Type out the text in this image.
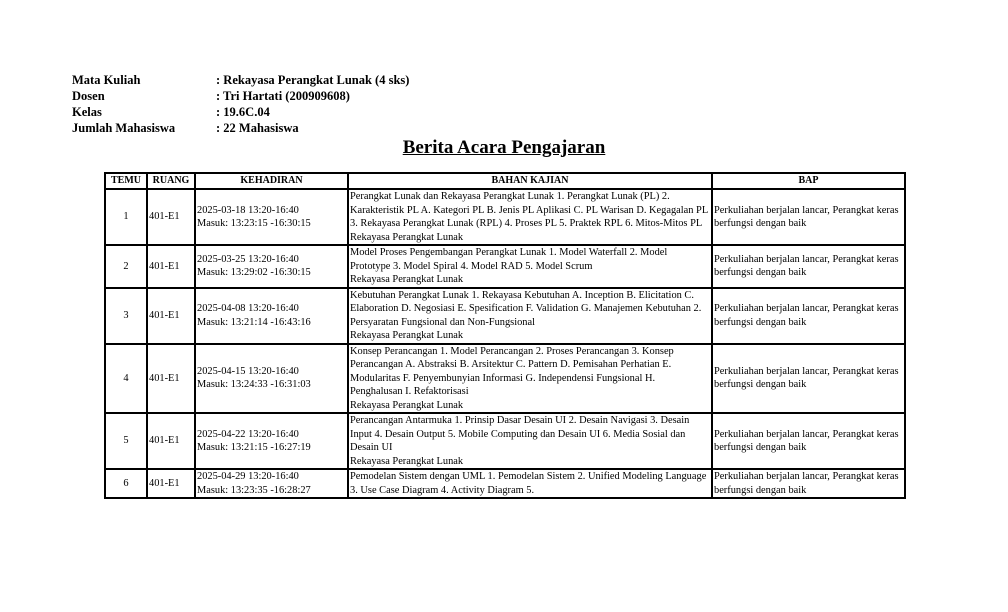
Mata Kuliah	: Rekayasa Perangkat Lunak (4 sks)
Dosen	: Tri Hartati (200909608)
Kelas	: 19.6C.04
Jumlah Mahasiswa	: 22 Mahasiswa
Berita Acara Pengajaran
TEMU	RUANG	KEHADIRAN	BAHAN KAJIAN	BAP
1	401-E1	2025-03-18 13:20-16:40
Masuk: 13:23:15 -16:30:15	Perangkat Lunak dan Rekayasa Perangkat Lunak 1. Perangkat Lunak (PL) 2. Karakteristik PL A. Kategori PL B. Jenis PL Aplikasi C. PL Warisan D. Kegagalan PL 3. Rekayasa Perangkat Lunak (RPL) 4. Proses PL 5. Praktek RPL 6. Mitos-Mitos PL
Rekayasa Perangkat Lunak	Perkuliahan berjalan lancar, Perangkat keras berfungsi dengan baik
2	401-E1	2025-03-25 13:20-16:40
Masuk: 13:29:02 -16:30:15	Model Proses Pengembangan Perangkat Lunak 1. Model Waterfall 2. Model Prototype 3. Model Spiral 4. Model RAD 5. Model Scrum
Rekayasa Perangkat Lunak	Perkuliahan berjalan lancar, Perangkat keras berfungsi dengan baik
3	401-E1	2025-04-08 13:20-16:40
Masuk: 13:21:14 -16:43:16	Kebutuhan Perangkat Lunak 1. Rekayasa Kebutuhan A. Inception B. Elicitation C. Elaboration D. Negosiasi E. Spesification F. Validation G. Manajemen Kebutuhan 2. Persyaratan Fungsional dan Non-Fungsional
Rekayasa Perangkat Lunak	Perkuliahan berjalan lancar, Perangkat keras berfungsi dengan baik
4	401-E1	2025-04-15 13:20-16:40
Masuk: 13:24:33 -16:31:03	Konsep Perancangan 1. Model Perancangan 2. Proses Perancangan 3. Konsep Perancangan A. Abstraksi B. Arsitektur C. Pattern D. Pemisahan Perhatian E. Modularitas F. Penyembunyian Informasi G. Independensi Fungsional H. Penghalusan I. Refaktorisasi
Rekayasa Perangkat Lunak	Perkuliahan berjalan lancar, Perangkat keras berfungsi dengan baik
5	401-E1	2025-04-22 13:20-16:40
Masuk: 13:21:15 -16:27:19	Perancangan Antarmuka 1. Prinsip Dasar Desain UI 2. Desain Navigasi 3. Desain Input 4. Desain Output 5. Mobile Computing dan Desain UI 6. Media Sosial dan Desain UI
Rekayasa Perangkat Lunak	Perkuliahan berjalan lancar, Perangkat keras berfungsi dengan baik
6	401-E1	2025-04-29 13:20-16:40
Masuk: 13:23:35 -16:28:27	Pemodelan Sistem dengan UML 1. Pemodelan Sistem 2. Unified Modeling Language 3. Use Case Diagram 4. Activity Diagram 5.	Perkuliahan berjalan lancar, Perangkat keras berfungsi dengan baik
